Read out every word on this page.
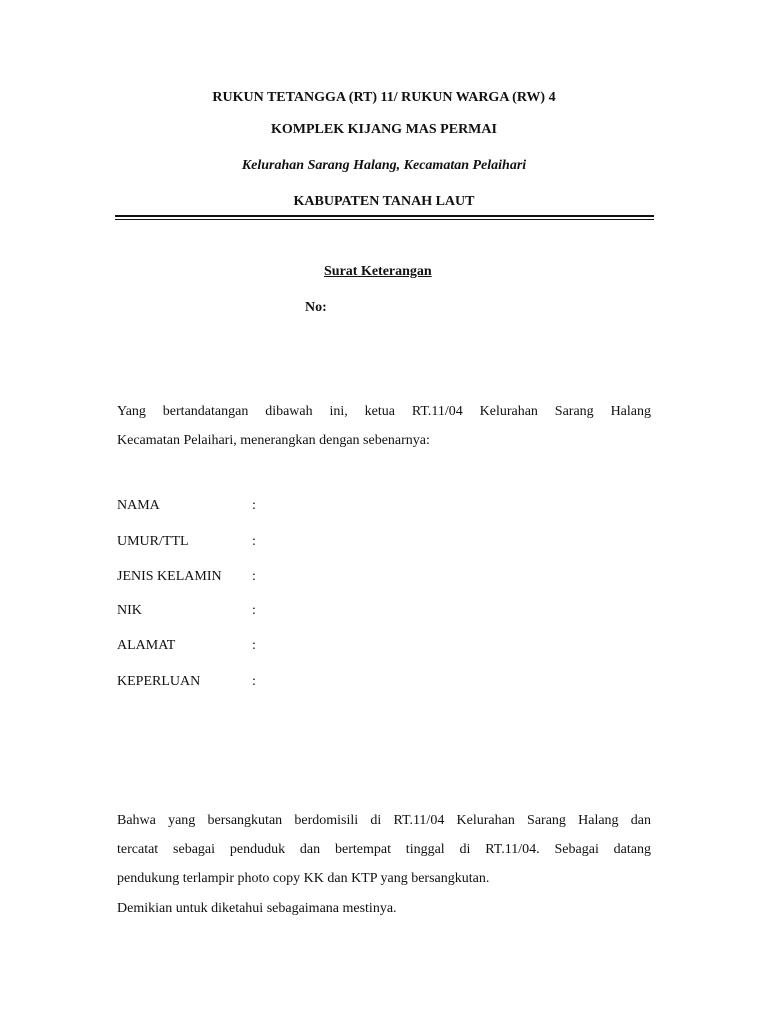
RUKUN TETANGGA (RT) 11/ RUKUN WARGA (RW) 4
KOMPLEK KIJANG MAS PERMAI
Kelurahan Sarang Halang, Kecamatan Pelaihari
KABUPATEN TANAH LAUT
Surat Keterangan
No:
Yang bertandatangan dibawah ini, ketua RT.11/04 Kelurahan Sarang Halang
Kecamatan Pelaihari, menerangkan dengan sebenarnya:
NAMA	:
UMUR/TTL	:
JENIS KELAMIN :
NIK	:
ALAMAT	:
KEPERLUAN	:
Bahwa yang bersangkutan berdomisili di RT.11/04 Kelurahan Sarang Halang dan
tercatat sebagai penduduk dan bertempat tinggal di RT.11/04. Sebagai datang
pendukung terlampir photo copy KK dan KTP yang bersangkutan.
Demikian untuk diketahui sebagaimana mestinya.
